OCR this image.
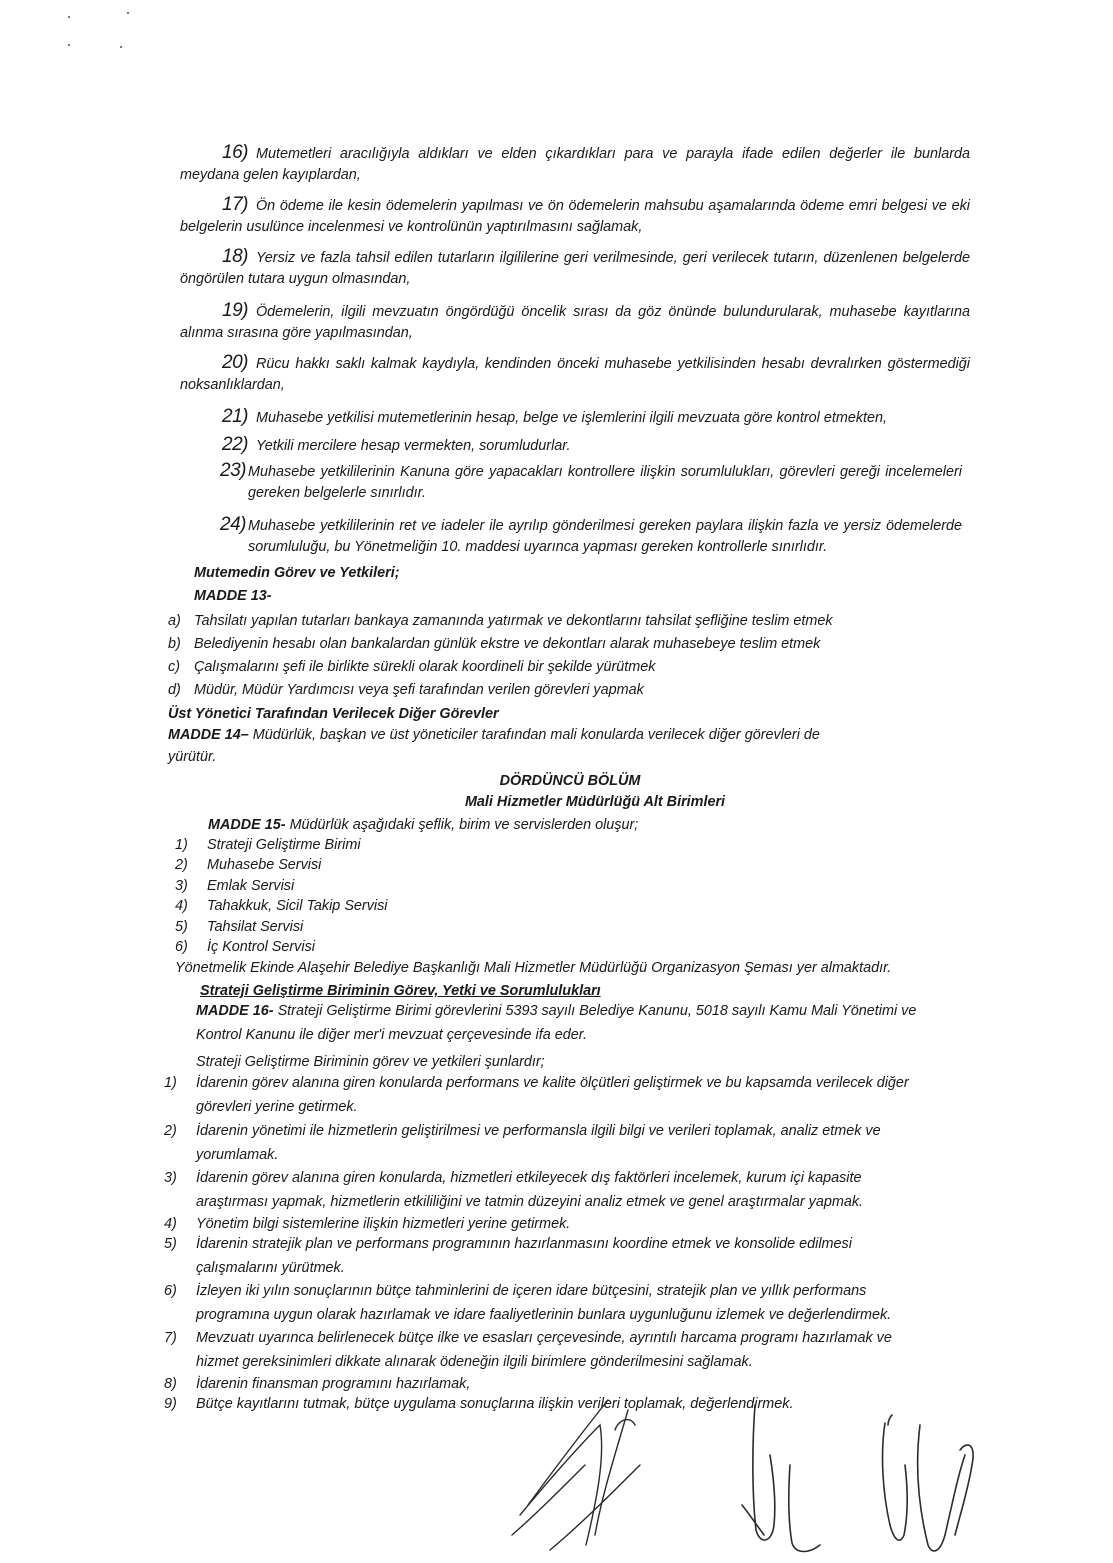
16) Mutemetleri aracılığıyla aldıkları ve elden çıkardıkları para ve parayla ifade edilen değerler ile bunlarda meydana gelen kayıplardan,
17) Ön ödeme ile kesin ödemelerin yapılması ve ön ödemelerin mahsubu aşamalarında ödeme emri belgesi ve eki belgelerin usulünce incelenmesi ve kontrolünün yaptırılmasını sağlamak,
18) Yersiz ve fazla tahsil edilen tutarların ilgililerine geri verilmesinde, geri verilecek tutarın, düzenlenen belgelerde öngörülen tutara uygun olmasından,
19) Ödemelerin, ilgili mevzuatın öngördüğü öncelik sırası da göz önünde bulundurularak, muhasebe kayıtlarına alınma sırasına göre yapılmasından,
20) Rücu hakkı saklı kalmak kaydıyla, kendinden önceki muhasebe yetkilisinden hesabı devralırken göstermediği noksanlıklardan,
21) Muhasebe yetkilisi mutemetlerinin hesap, belge ve işlemlerini ilgili mevzuata göre kontrol etmekten,
22) Yetkili mercilere hesap vermekten, sorumludurlar.
23) Muhasebe yetkililerinin Kanuna göre yapacakları kontrollere ilişkin sorumlulukları, görevleri gereği incelemeleri gereken belgelerle sınırlıdır.
24) Muhasebe yetkililerinin ret ve iadeler ile ayrılıp gönderilmesi gereken paylara ilişkin fazla ve yersiz ödemelerde sorumluluğu, bu Yönetmeliğin 10. maddesi uyarınca yapması gereken kontrollerle sınırlıdır.
Mutemedin Görev ve Yetkileri;
MADDE 13-
a) Tahsilatı yapılan tutarları bankaya zamanında yatırmak ve dekontlarını tahsilat şefliğine teslim etmek
b) Belediyenin hesabı olan bankalardan günlük ekstre ve dekontları alarak muhasebeye teslim etmek
c) Çalışmalarını şefi ile birlikte sürekli olarak koordineli bir şekilde yürütmek
d) Müdür, Müdür Yardımcısı veya şefi tarafından verilen görevleri yapmak
Üst Yönetici Tarafından Verilecek Diğer Görevler
MADDE 14– Müdürlük, başkan ve üst yöneticiler tarafından mali konularda verilecek diğer görevleri de
yürütür.
DÖRDÜNCÜ BÖLÜM
Mali Hizmetler Müdürlüğü Alt Birimleri
MADDE 15- Müdürlük aşağıdaki şeflik, birim ve servislerden oluşur;
1)	Strateji Geliştirme Birimi
2)	Muhasebe Servisi
3)	Emlak Servisi
4)	Tahakkuk, Sicil Takip Servisi
5)	Tahsilat Servisi
6)	İç Kontrol Servisi
Yönetmelik Ekinde Alaşehir Belediye Başkanlığı Mali Hizmetler Müdürlüğü Organizasyon Şeması yer almaktadır.
Strateji Geliştirme Biriminin Görev, Yetki ve Sorumlulukları
MADDE 16- Strateji Geliştirme Birimi görevlerini 5393 sayılı Belediye Kanunu, 5018 sayılı Kamu Mali Yönetimi ve
Kontrol Kanunu ile diğer mer'i mevzuat çerçevesinde ifa eder.
Strateji Geliştirme Biriminin görev ve yetkileri şunlardır;
1) İdarenin görev alanına giren konularda performans ve kalite ölçütleri geliştirmek ve bu kapsamda verilecek diğer
görevleri yerine getirmek.
2) İdarenin yönetimi ile hizmetlerin geliştirilmesi ve performansla ilgili bilgi ve verileri toplamak, analiz etmek ve
yorumlamak.
3) İdarenin görev alanına giren konularda, hizmetleri etkileyecek dış faktörleri incelemek, kurum içi kapasite
araştırması yapmak, hizmetlerin etkililiğini ve tatmin düzeyini analiz etmek ve genel araştırmalar yapmak.
4) Yönetim bilgi sistemlerine ilişkin hizmetleri yerine getirmek.
5) İdarenin stratejik plan ve performans programının hazırlanmasını koordine etmek ve konsolide edilmesi
çalışmalarını yürütmek.
6) İzleyen iki yılın sonuçlarının bütçe tahminlerini de içeren idare bütçesini, stratejik plan ve yıllık performans
programına uygun olarak hazırlamak ve idare faaliyetlerinin bunlara uygunluğunu izlemek ve değerlendirmek.
7) Mevzuatı uyarınca belirlenecek bütçe ilke ve esasları çerçevesinde, ayrıntılı harcama programı hazırlamak ve
hizmet gereksinimleri dikkate alınarak ödeneğin ilgili birimlere gönderilmesini sağlamak.
8) İdarenin finansman programını hazırlamak,
9) Bütçe kayıtlarını tutmak, bütçe uygulama sonuçlarına ilişkin verileri toplamak, değerlendirmek.
